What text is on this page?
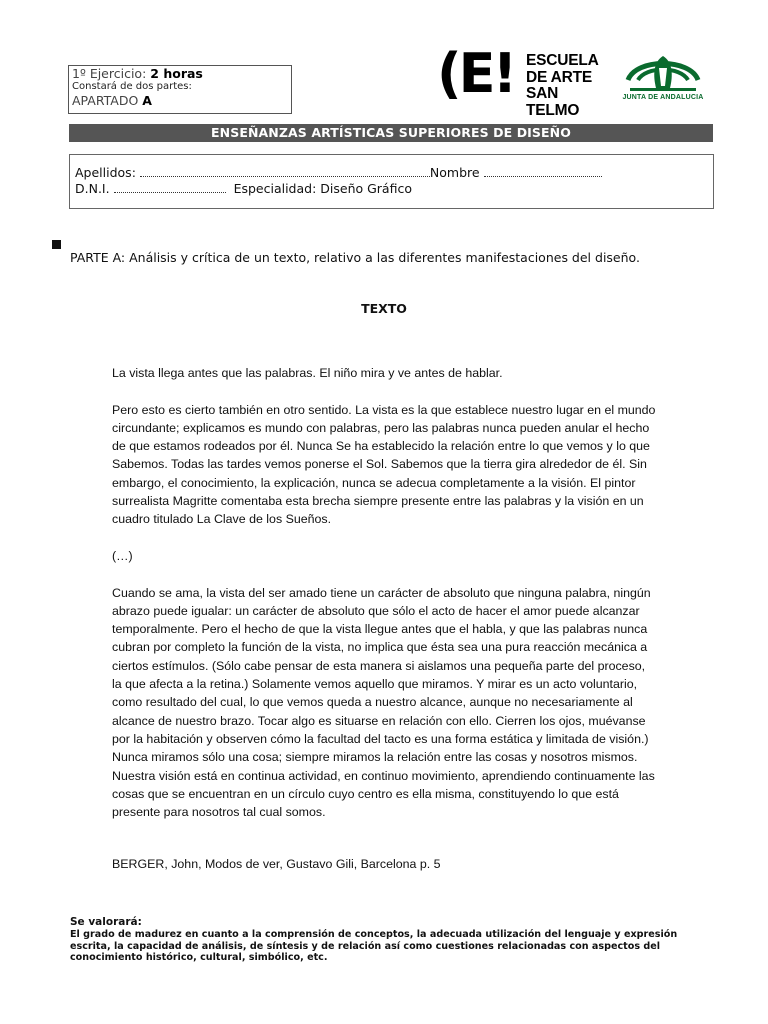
1º Ejercicio: 2 horas
Constará de dos partes:
APARTADO A	(E! ESCUELA
DE ARTE
SAN TELMO
JUNTA DE ANDALUCIA
ENSEÑANZAS ARTÍSTICAS SUPERIORES DE DISEÑO
Apellidos:	Nombre
D.N.I.	Especialidad: Diseño Gráfico
PARTE A: Análisis y crítica de un texto, relativo a las diferentes manifestaciones del diseño.
TEXTO

La vista llega antes que las palabras. El niño mira y ve antes de hablar.

Pero esto es cierto también en otro sentido. La vista es la que establece nuestro lugar en el mundo circundante; explicamos es mundo con palabras, pero las palabras nunca pueden anular el hecho de que estamos rodeados por él. Nunca Se ha establecido la relación entre lo que vemos y lo que Sabemos. Todas las tardes vemos ponerse el Sol. Sabemos que la tierra gira alrededor de él. Sin embargo, el conocimiento, la explicación, nunca se adecua completamente a la visión. El pintor surrealista Magritte comentaba esta brecha siempre presente entre las palabras y la visión en un cuadro titulado La Clave de los Sueños.

(…)

Cuando se ama, la vista del ser amado tiene un carácter de absoluto que ninguna palabra, ningún abrazo puede igualar: un carácter de absoluto que sólo el acto de hacer el amor puede alcanzar temporalmente. Pero el hecho de que la vista llegue antes que el habla, y que las palabras nunca cubran por completo la función de la vista, no implica que ésta sea una pura reacción mecánica a ciertos estímulos. (Sólo cabe pensar de esta manera si aislamos una pequeña parte del proceso, la que afecta a la retina.) Solamente vemos aquello que miramos. Y mirar es un acto voluntario, como resultado del cual, lo que vemos queda a nuestro alcance, aunque no necesariamente al alcance de nuestro brazo. Tocar algo es situarse en relación con ello. Cierren los ojos, muévanse por la habitación y observen cómo la facultad del tacto es una forma estática y limitada de visión.) Nunca miramos sólo una cosa; siempre miramos la relación entre las cosas y nosotros mismos. Nuestra visión está en continua actividad, en continuo movimiento, aprendiendo continuamente las cosas que se encuentran en un círculo cuyo centro es ella misma, constituyendo lo que está presente para nosotros tal cual somos.

BERGER, John, Modos de ver, Gustavo Gili, Barcelona p. 5
Se valorará:
El grado de madurez en cuanto a la comprensión de conceptos, la adecuada utilización del lenguaje y expresión escrita, la capacidad de análisis, de síntesis y de relación así como cuestiones relacionadas con aspectos del conocimiento histórico, cultural, simbólico, etc.
